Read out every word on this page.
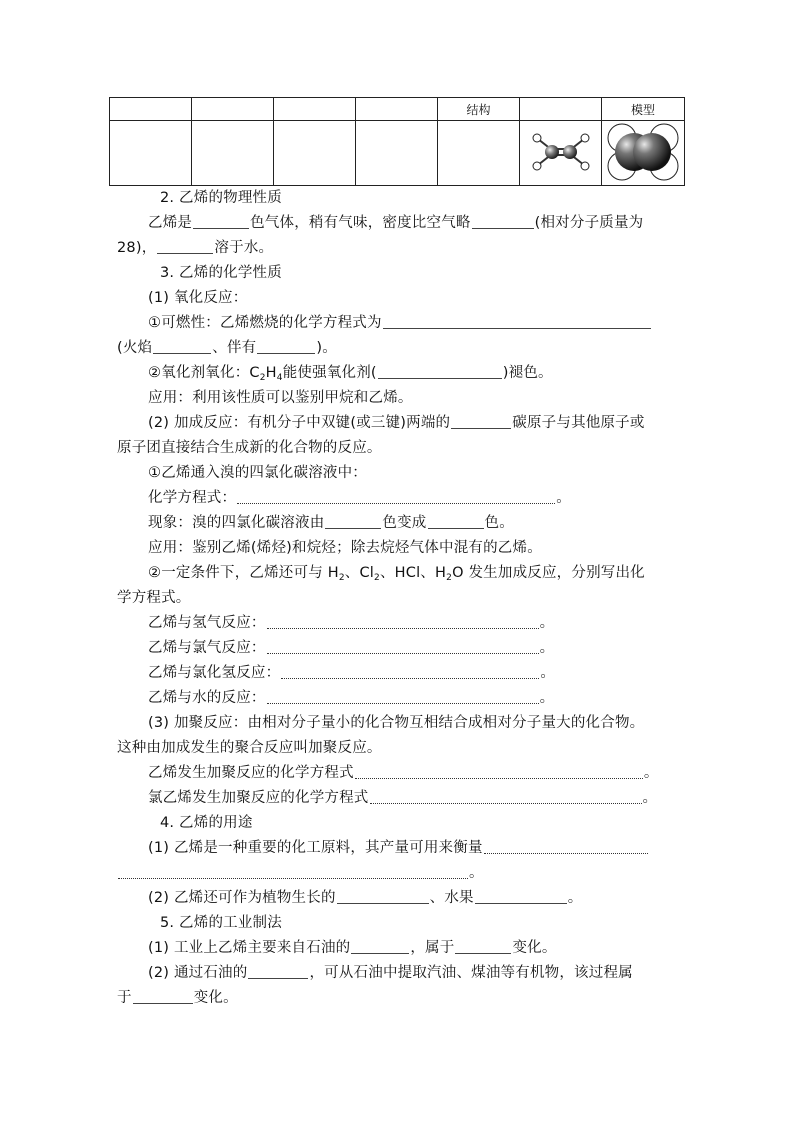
				结构		模型

2. 乙烯的物理性质
乙烯是	色气体，稍有气味，密度比空气略	(相对分子质量为
28)，	溶于水。
3. 乙烯的化学性质
(1) 氧化反应：
①可燃性：乙烯燃烧的化学方程式为
(火焰	、伴有	)。
②氧化剂氧化：$C_2H_4$能使强氧化剂(	)褪色。
应用：利用该性质可以鉴别甲烷和乙烯。
(2) 加成反应：有机分子中双键(或三键)两端的	碳原子与其他原子或
原子团直接结合生成新的化合物的反应。
①乙烯通入溴的四氯化碳溶液中：
化学方程式：	。
现象：溴的四氯化碳溶液由	色变成	色。
应用：鉴别乙烯(烯烃)和烷烃；除去烷烃气体中混有的乙烯。
②一定条件下，乙烯还可与 $H_2$、$Cl_2$、HCl、$H_2O$ 发生加成反应，分别写出化
学方程式。
乙烯与氢气反应：	。
乙烯与氯气反应：	。
乙烯与氯化氢反应：	。
乙烯与水的反应：	。
(3) 加聚反应：由相对分子量小的化合物互相结合成相对分子量大的化合物。
这种由加成发生的聚合反应叫加聚反应。
乙烯发生加聚反应的化学方程式	。
氯乙烯发生加聚反应的化学方程式	。
4. 乙烯的用途
(1) 乙烯是一种重要的化工原料，其产量可用来衡量
。
(2) 乙烯还可作为植物生长的	、水果	。
5. 乙烯的工业制法
(1) 工业上乙烯主要来自石油的	，属于	变化。
(2) 通过石油的	，可从石油中提取汽油、煤油等有机物，该过程属
于	变化。
